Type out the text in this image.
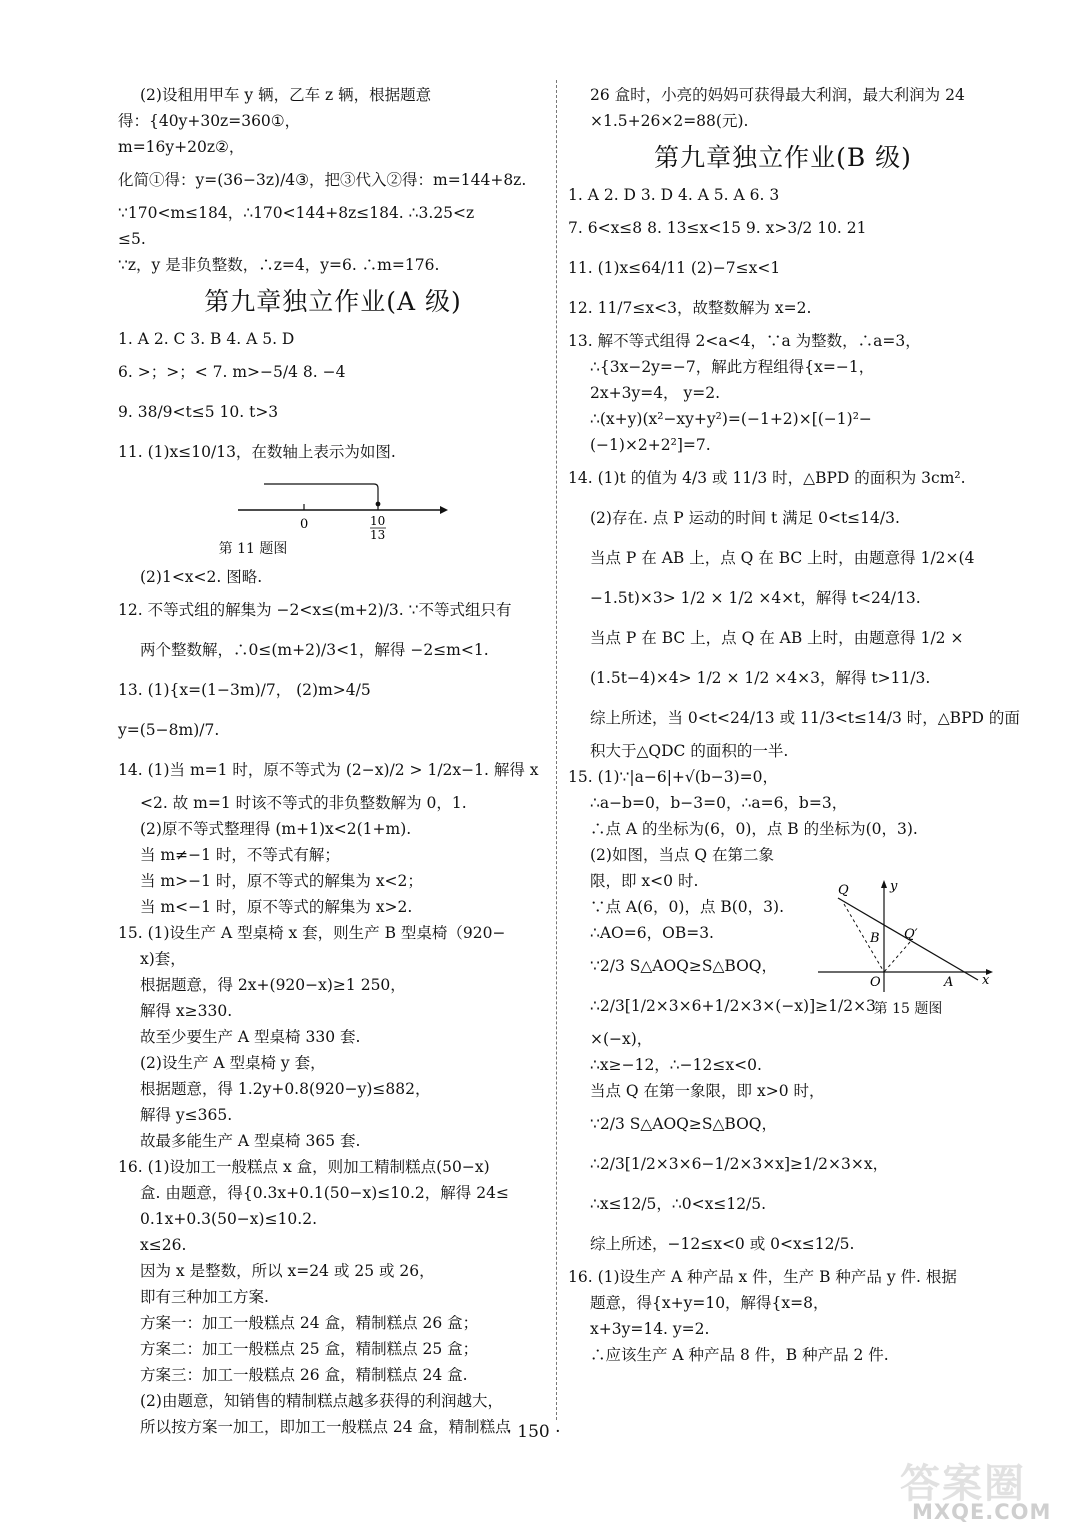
(2)设租用甲车 y 辆，乙车 z 辆，根据题意
得：{40y+30z=360①，
m=16y+20z②，
化简①得：y=(36−3z)/4③，把③代入②得：m=144+8z.
∵170<m≤184，∴170<144+8z≤184. ∴3.25<z
≤5.
∵z，y 是非负整数，∴z=4，y=6. ∴m=176.
第九章独立作业(A 级)
1. A 2. C 3. B 4. A 5. D
6. >；>；< 7. m>−5/4 8. −4
9. 38/9<t≤5 10. t>3
11. (1)x≤10/13，在数轴上表示为如图.
0	10
13
第 11 题图
(2)1<x<2. 图略.
12. 不等式组的解集为 −2<x≤(m+2)/3. ∵不等式组只有
两个整数解，∴0≤(m+2)/3<1，解得 −2≤m<1.
13. (1){x=(1−3m)/7， (2)m>4/5
y=(5−8m)/7.
14. (1)当 m=1 时，原不等式为 (2−x)/2 > 1/2x−1. 解得 x
<2. 故 m=1 时该不等式的非负整数解为 0，1.
(2)原不等式整理得 (m+1)x<2(1+m).
当 m≠−1 时，不等式有解；
当 m>−1 时，原不等式的解集为 x<2；
当 m<−1 时，原不等式的解集为 x>2.
15. (1)设生产 A 型桌椅 x 套，则生产 B 型桌椅（920−
x)套，
根据题意，得 2x+(920−x)≥1 250，
解得 x≥330.
故至少要生产 A 型桌椅 330 套.
(2)设生产 A 型桌椅 y 套，
根据题意，得 1.2y+0.8(920−y)≤882，
解得 y≤365.
故最多能生产 A 型桌椅 365 套.
16. (1)设加工一般糕点 x 盒，则加工精制糕点(50−x)
盒. 由题意，得{0.3x+0.1(50−x)≤10.2，解得 24≤
0.1x+0.3(50−x)≤10.2.
x≤26.
因为 x 是整数，所以 x=24 或 25 或 26，
即有三种加工方案.
方案一：加工一般糕点 24 盒，精制糕点 26 盒；
方案二：加工一般糕点 25 盒，精制糕点 25 盒；
方案三：加工一般糕点 26 盒，精制糕点 24 盒.
(2)由题意，知销售的精制糕点越多获得的利润越大，
所以按方案一加工，即加工一般糕点 24 盒，精制糕点
26 盒时，小亮的妈妈可获得最大利润，最大利润为 24
×1.5+26×2=88(元).
第九章独立作业(B 级)
1. A 2. D 3. D 4. A 5. A 6. 3
7. 6<x≤8 8. 13≤x<15 9. x>3/2 10. 21
11. (1)x≤64/11 (2)−7≤x<1
12. 11/7≤x<3，故整数解为 x=2.
13. 解不等式组得 2<a<4，∵a 为整数，∴a=3，
∴{3x−2y=−7，解此方程组得{x=−1，
2x+3y=4， y=2.
∴(x+y)(x²−xy+y²)=(−1+2)×[(−1)²−
(−1)×2+2²]=7.
14. (1)t 的值为 4/3 或 11/3 时，△BPD 的面积为 3cm².
(2)存在. 点 P 运动的时间 t 满足 0<t≤14/3.
当点 P 在 AB 上，点 Q 在 BC 上时，由题意得 1/2×(4
−1.5t)×3> 1/2 × 1/2 ×4×t，解得 t<24/13.
当点 P 在 BC 上，点 Q 在 AB 上时，由题意得 1/2 ×
(1.5t−4)×4> 1/2 × 1/2 ×4×3，解得 t>11/3.
综上所述，当 0<t<24/13 或 11/3<t≤14/3 时，△BPD 的面
积大于△QDC 的面积的一半.
15. (1)∵|a−6|+√(b−3)=0，
∴a−b=0，b−3=0，∴a=6，b=3，
∴点 A 的坐标为(6，0)，点 B 的坐标为(0，3).
(2)如图，当点 Q 在第二象
限，即 x<0 时.
∵点 A(6，0)，点 B(0，3).
∴AO=6，OB=3.
∵2/3 S△AOQ≥S△BOQ，
∴2/3[1/2×3×6+1/2×3×(−x)]≥1/2×3
×(−x)，
∴x≥−12，∴−12≤x<0.
当点 Q 在第一象限，即 x>0 时，
∵2/3 S△AOQ≥S△BOQ，
∴2/3[1/2×3×6−1/2×3×x]≥1/2×3×x，
∴x≤12/5，∴0<x≤12/5.
综上所述，−12≤x<0 或 0<x≤12/5.
16. (1)设生产 A 种产品 x 件，生产 B 种产品 y 件. 根据
题意，得{x+y=10，解得{x=8，
x+3y=14. y=2.
∴应该生产 A 种产品 8 件，B 种产品 2 件.
Q	y
B Q′
O	A x
第 15 题图
· 150 ·
答案圈
MXQE.COM
